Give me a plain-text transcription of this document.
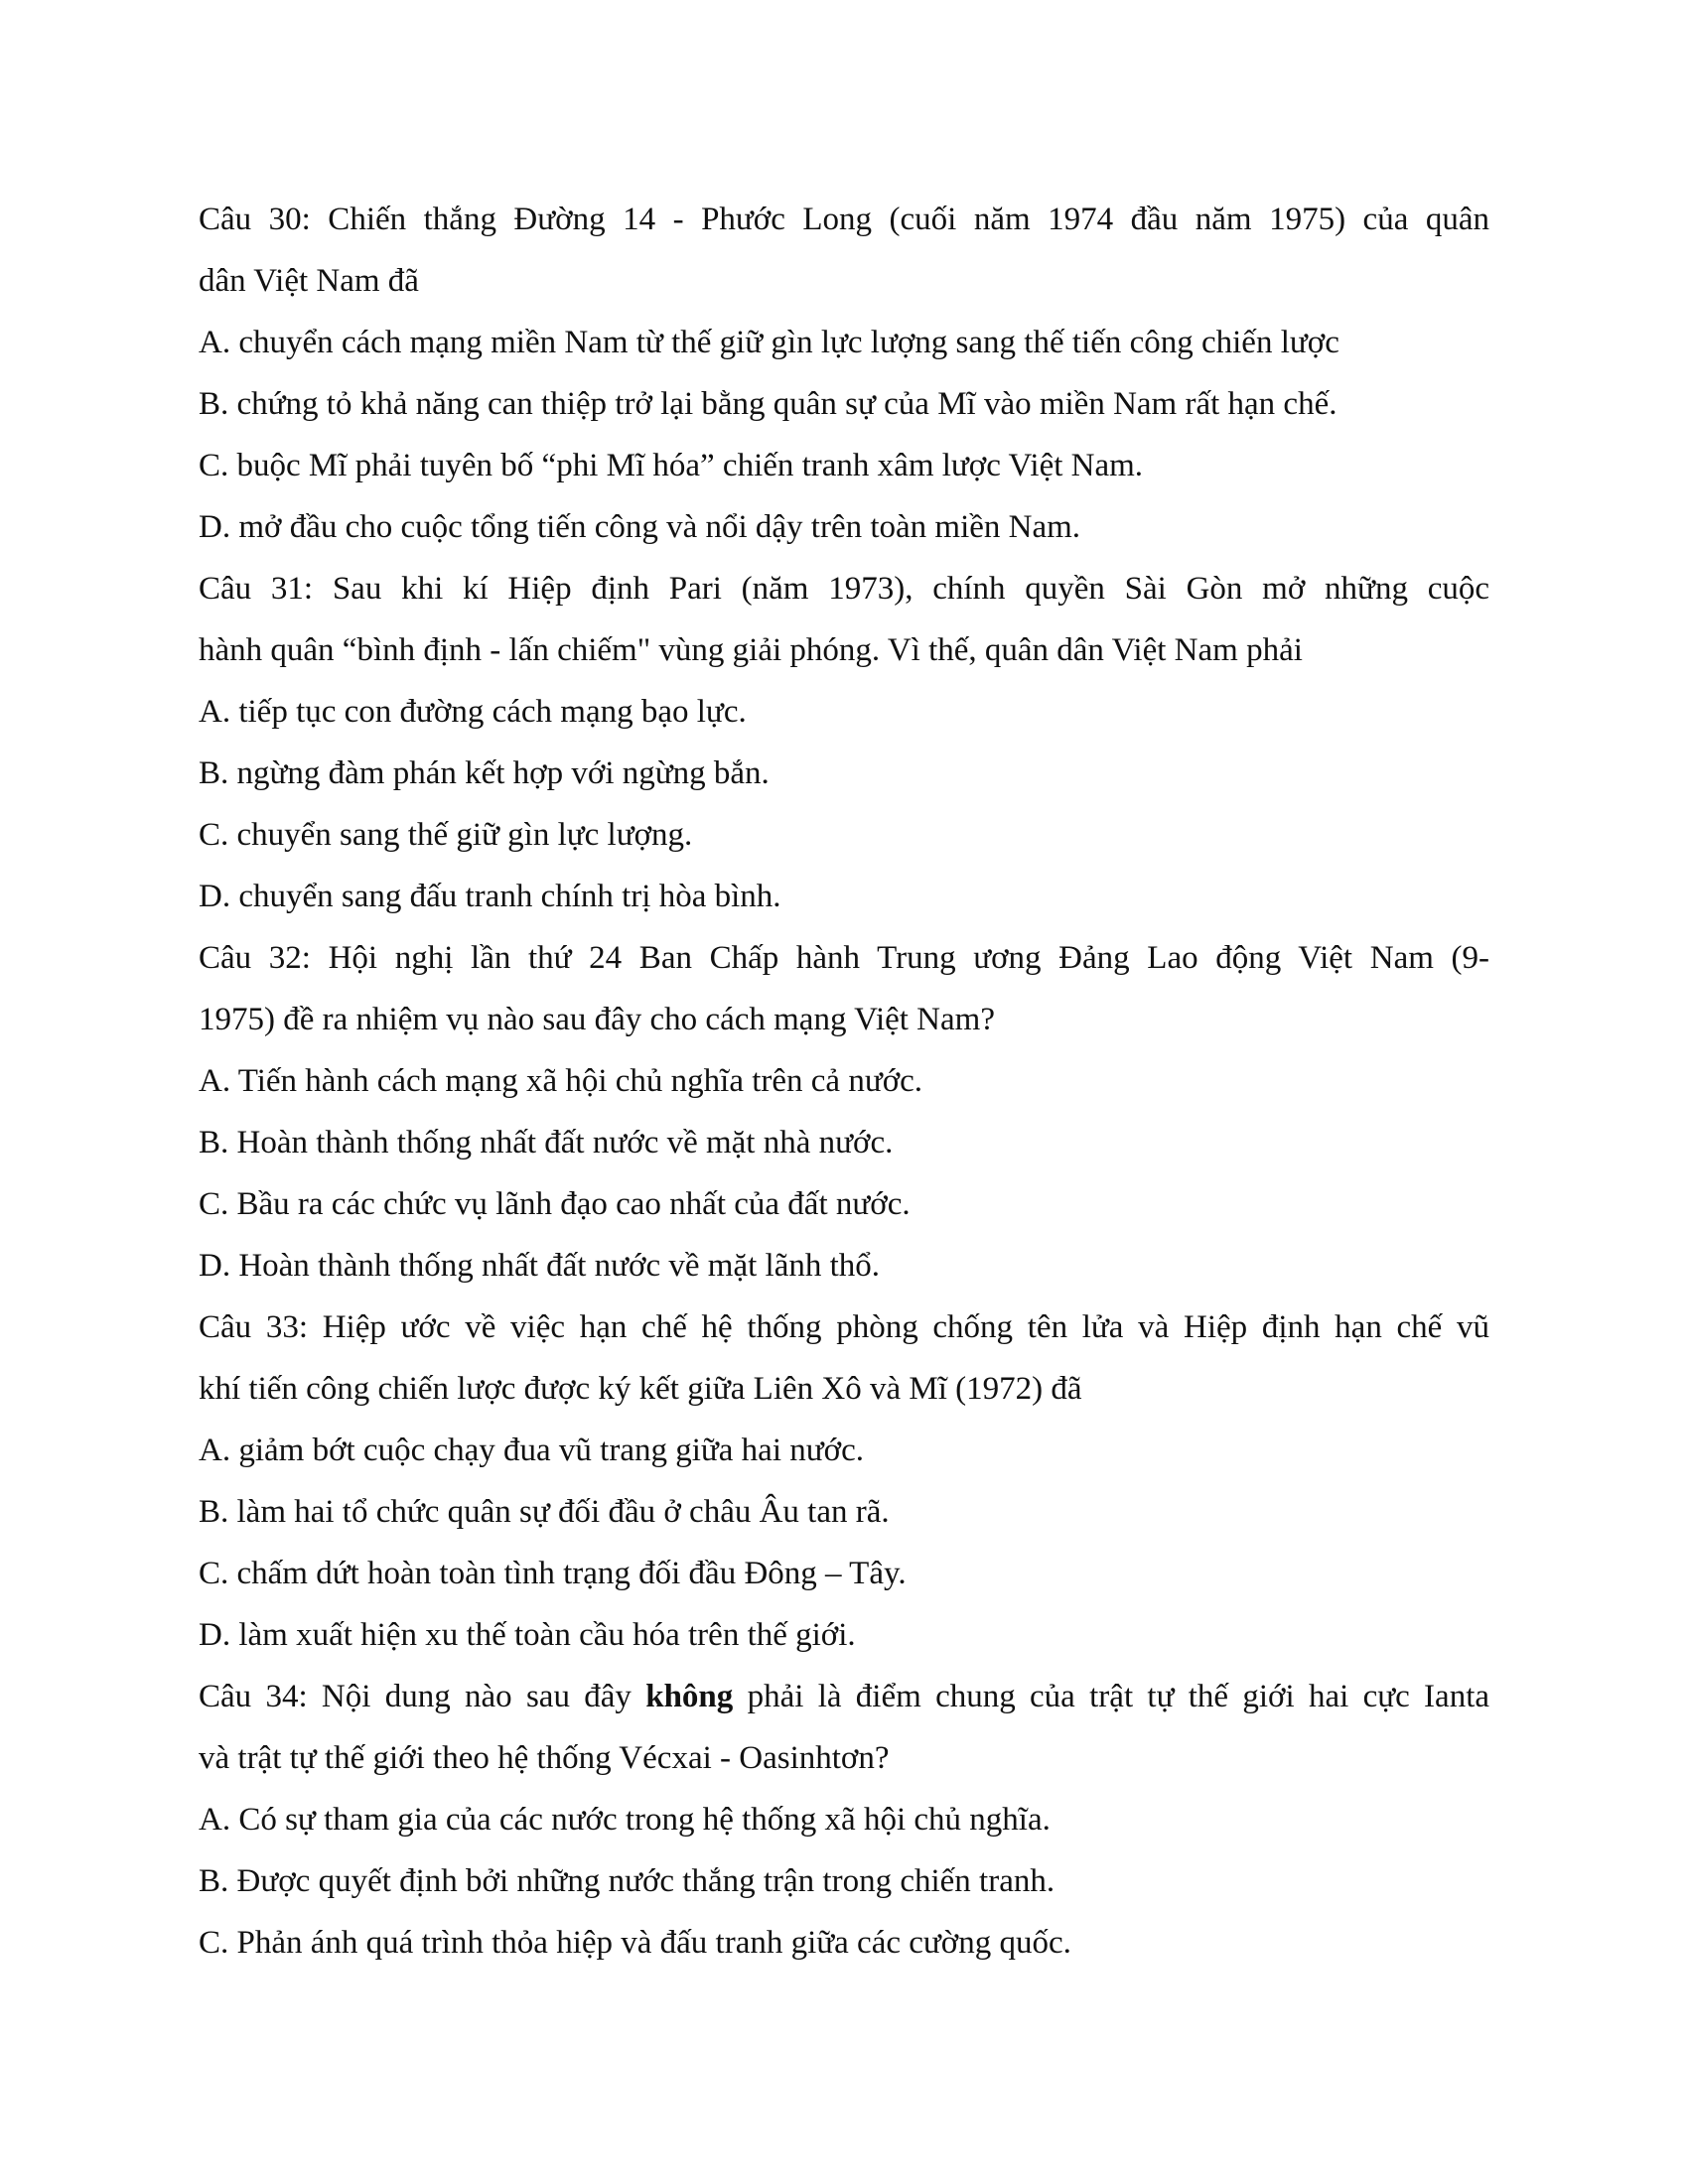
Câu 30: Chiến thắng Đường 14 - Phước Long (cuối năm 1974 đầu năm 1975) của quân
dân Việt Nam đã
A. chuyển cách mạng miền Nam từ thế giữ gìn lực lượng sang thế tiến công chiến lược
B. chứng tỏ khả năng can thiệp trở lại bằng quân sự của Mĩ vào miền Nam rất hạn chế.
C. buộc Mĩ phải tuyên bố “phi Mĩ hóa” chiến tranh xâm lược Việt Nam.
D. mở đầu cho cuộc tổng tiến công và nổi dậy trên toàn miền Nam.
Câu 31: Sau khi kí Hiệp định Pari (năm 1973), chính quyền Sài Gòn mở những cuộc
hành quân “bình định - lấn chiếm" vùng giải phóng. Vì thế, quân dân Việt Nam phải
A. tiếp tục con đường cách mạng bạo lực.
B. ngừng đàm phán kết hợp với ngừng bắn.
C. chuyển sang thế giữ gìn lực lượng.
D. chuyển sang đấu tranh chính trị hòa bình.
Câu 32: Hội nghị lần thứ 24 Ban Chấp hành Trung ương Đảng Lao động Việt Nam (9-
1975) đề ra nhiệm vụ nào sau đây cho cách mạng Việt Nam?
A. Tiến hành cách mạng xã hội chủ nghĩa trên cả nước.
B. Hoàn thành thống nhất đất nước về mặt nhà nước.
C. Bầu ra các chức vụ lãnh đạo cao nhất của đất nước.
D. Hoàn thành thống nhất đất nước về mặt lãnh thổ.
Câu 33: Hiệp ước về việc hạn chế hệ thống phòng chống tên lửa và Hiệp định hạn chế vũ
khí tiến công chiến lược được ký kết giữa Liên Xô và Mĩ (1972) đã
A. giảm bớt cuộc chạy đua vũ trang giữa hai nước.
B. làm hai tổ chức quân sự đối đầu ở châu Âu tan rã.
C. chấm dứt hoàn toàn tình trạng đối đầu Đông – Tây.
D. làm xuất hiện xu thế toàn cầu hóa trên thế giới.
Câu 34: Nội dung nào sau đây không phải là điểm chung của trật tự thế giới hai cực Ianta
và trật tự thế giới theo hệ thống Vécxai - Oasinhtơn?
A. Có sự tham gia của các nước trong hệ thống xã hội chủ nghĩa.
B. Được quyết định bởi những nước thắng trận trong chiến tranh.
C. Phản ánh quá trình thỏa hiệp và đấu tranh giữa các cường quốc.
